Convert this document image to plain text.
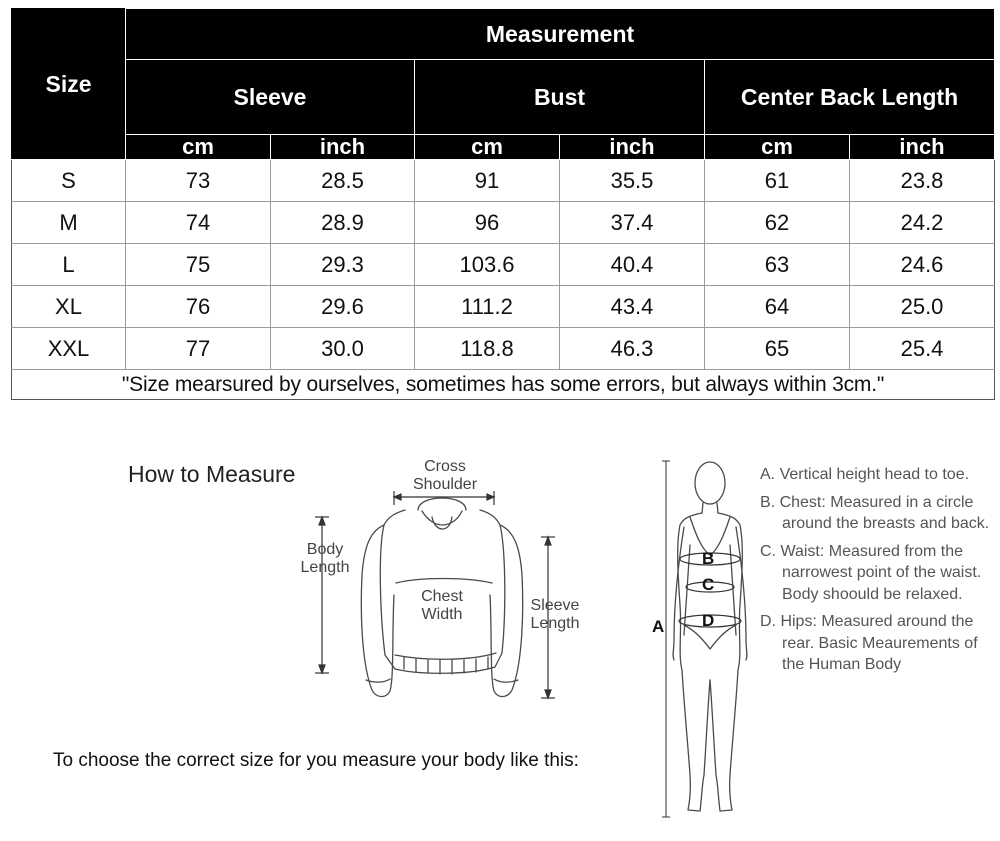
Size	Measurement					
	Sleeve		Bust		Center Back Length	
	cm	inch	cm	inch	cm	inch
S	73	28.5	91	35.5	61	23.8
M	74	28.9	96	37.4	62	24.2
L	75	29.3	103.6	40.4	63	24.6
XL	76	29.6	111.2	43.4	64	25.0
XXL	77	30.0	118.8	46.3	65	25.4
"Size mearsured by ourselves, sometimes has some errors, but always within 3cm."						
How to Measure	Cross
Shoulder
Body
Length
Chest
Width
Sleeve
Length
To choose the correct size for you measure your body like this:
A
B
C
D
A. Vertical height head to toe.
B. Chest: Measured in a circle around the breasts and back.
C. Waist: Measured from the narrowest point of the waist. Body shoould be relaxed.
D. Hips: Measured around the rear. Basic Meaurements of the Human Body
